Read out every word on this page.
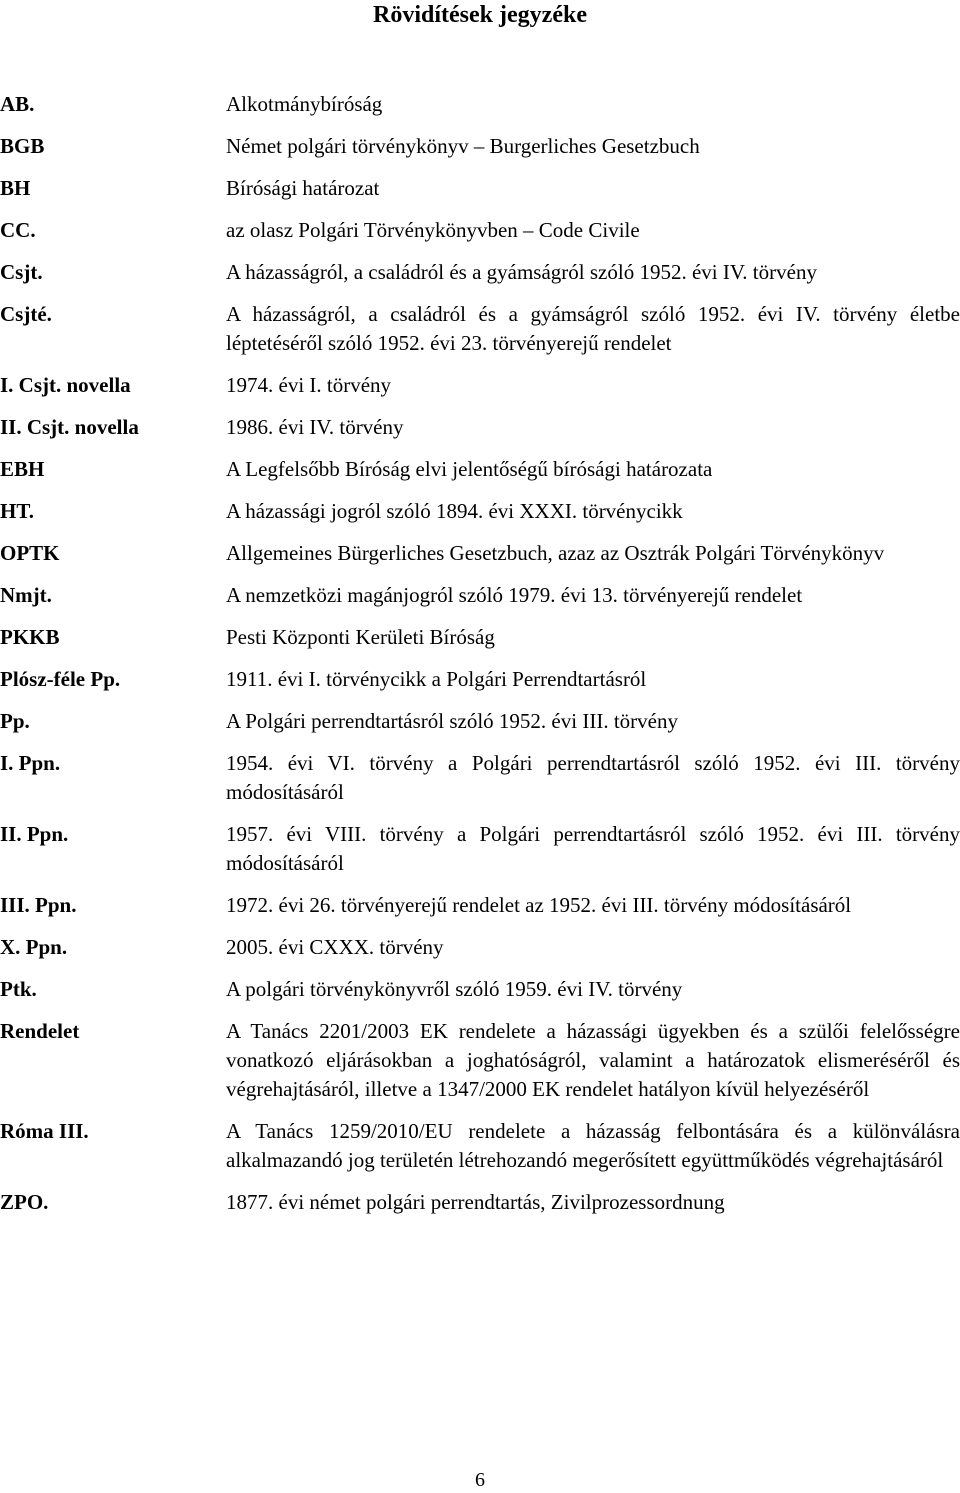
Rövidítések jegyzéke
AB.	Alkotmánybíróság
BGB	Német polgári törvénykönyv – Burgerliches Gesetzbuch
BH	Bírósági határozat
CC.	az olasz Polgári Törvénykönyvben – Code Civile
Csjt.	A házasságról, a családról és a gyámságról szóló 1952. évi IV. törvény
Csjté.	A házasságról, a családról és a gyámságról szóló 1952. évi IV. törvény életbe léptetéséről szóló 1952. évi 23. törvényerejű rendelet
I. Csjt. novella	1974. évi I. törvény
II. Csjt. novella	1986. évi IV. törvény
EBH	A Legfelsőbb Bíróság elvi jelentőségű bírósági határozata
HT.	A házassági jogról szóló 1894. évi XXXI. törvénycikk
OPTK	Allgemeines Bürgerliches Gesetzbuch, azaz az Osztrák Polgári Törvénykönyv
Nmjt.	A nemzetközi magánjogról szóló 1979. évi 13. törvényerejű rendelet
PKKB	Pesti Központi Kerületi Bíróság
Plósz-féle Pp.	1911. évi I. törvénycikk a Polgári Perrendtartásról
Pp.	A Polgári perrendtartásról szóló 1952. évi III. törvény
I. Ppn.	1954. évi VI. törvény a Polgári perrendtartásról szóló 1952. évi III. törvény módosításáról
II. Ppn.	1957. évi VIII. törvény a Polgári perrendtartásról szóló 1952. évi III. törvény módosításáról
III. Ppn.	1972. évi 26. törvényerejű rendelet az 1952. évi III. törvény módosításáról
X. Ppn.	2005. évi CXXX. törvény
Ptk.	A polgári törvénykönyvről szóló 1959. évi IV. törvény
Rendelet	A Tanács 2201/2003 EK rendelete a házassági ügyekben és a szülői felelősségre vonatkozó eljárásokban a joghatóságról, valamint a határozatok elismeréséről és végrehajtásáról, illetve a 1347/2000 EK rendelet hatályon kívül helyezéséről
Róma III.	A Tanács 1259/2010/EU rendelete a házasság felbontására és a különválásra alkalmazandó jog területén létrehozandó megerősített együttműködés végrehajtásáról
ZPO.	1877. évi német polgári perrendtartás, Zivilprozessordnung
6
